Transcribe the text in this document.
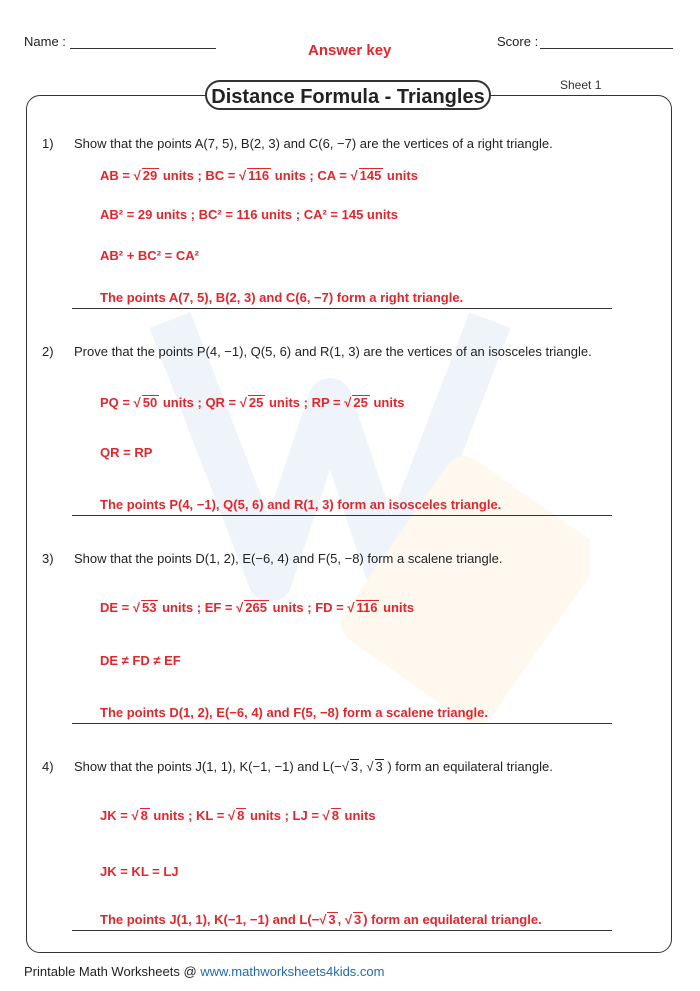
Name :
Answer key
Score :
Distance Formula - Triangles
Sheet 1
1) Show that the points A(7, 5), B(2, 3) and C(6, −7) are the vertices of a right triangle.
AB = √ 29 units ; BC = √ 116 units ; CA = √ 145 units
AB² = 29 units ; BC² = 116 units ; CA² = 145 units
AB² + BC² = CA²
The points A(7, 5), B(2, 3) and C(6, −7) form a right triangle.
2) Prove that the points P(4, −1), Q(5, 6) and R(1, 3) are the vertices of an isosceles triangle.
PQ = √ 50 units ; QR = √ 25 units ; RP = √ 25 units
QR = RP
The points P(4, −1), Q(5, 6) and R(1, 3) form an isosceles triangle.
3) Show that the points D(1, 2), E(−6, 4) and F(5, −8) form a scalene triangle.
DE = √ 53 units ; EF = √ 265 units ; FD = √ 116 units
DE ≠ FD ≠ EF
The points D(1, 2), E(−6, 4) and F(5, −8) form a scalene triangle.
4) Show that the points J(1, 1), K(−1, −1) and L(−√ 3, √ 3 ) form an equilateral triangle.
JK = √ 8 units ; KL = √ 8 units ; LJ = √ 8 units
JK = KL = LJ
The points J(1, 1), K(−1, −1) and L(−√ 3 , √ 3 ) form an equilateral triangle.
Printable Math Worksheets @ www.mathworksheets4kids.com
